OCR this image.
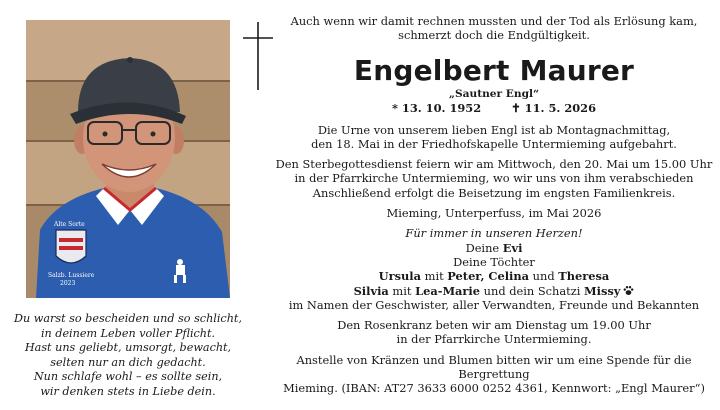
Alte Sorte
Salzb. Lussiere
2023

Auch wenn wir damit rechnen mussten und der Tod als Erlösung kam,

schmerzt doch die Endgültigkeit.

Engelbert Maurer

„Sautner Engl“

* 13. 10. 1952	✝ 11. 5. 2026

Die Urne von unserem lieben Engl ist ab Montagnachmittag,

den 18. Mai in der Friedhofskapelle Untermieming aufgebahrt.

Den Sterbegottesdienst feiern wir am Mittwoch, den 20. Mai um 15.00 Uhr

in der Pfarrkirche Untermieming, wo wir uns von ihm verabschieden

Anschließend erfolgt die Beisetzung im engsten Familienkreis.

Mieming, Unterperfuss, im Mai 2026

Für immer in unseren Herzen!

Deine Evi

Deine Töchter

Ursula mit Peter, Celina und Theresa

Silvia mit Lea-Marie und dein Schatzi Missy

im Namen der Geschwister, aller Verwandten, Freunde und Bekannten

Den Rosenkranz beten wir am Dienstag um 19.00 Uhr

in der Pfarrkirche Untermieming.

Anstelle von Kränzen und Blumen bitten wir um eine Spende für die Bergrettung

Mieming. (IBAN: AT27 3633 6000 0252 4361, Kennwort: „Engl Maurer“)

Du warst so bescheiden und so schlicht,
in deinem Leben voller Pflicht.
Hast uns geliebt, umsorgt, bewacht,
selten nur an dich gedacht.
Nun schlafe wohl – es sollte sein,
wir denken stets in Liebe dein.
